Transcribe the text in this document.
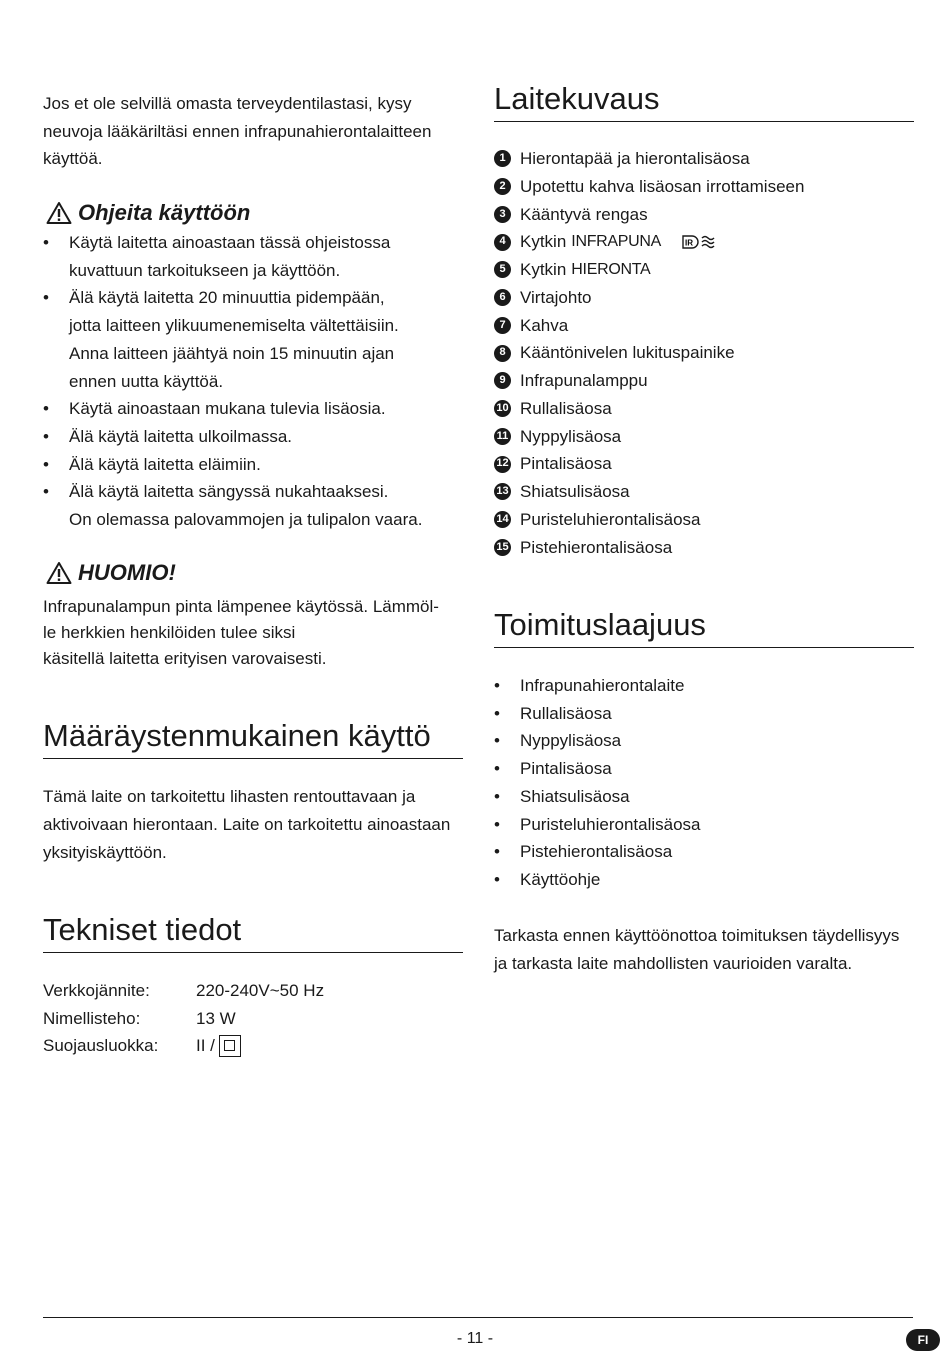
Jos et ole selvillä omasta terveydentilastasi, kysy neuvoja lääkäriltäsi ennen infrapunahierontalaitteen käyttöä.

Ohjeita käyttöön
• Käytä laitetta ainoastaan tässä ohjeistossa
kuvattuun tarkoitukseen ja käyttöön.
• Älä käytä laitetta 20 minuuttia pidempään,
jotta laitteen ylikuumenemiselta vältettäisiin.
Anna laitteen jäähtyä noin 15 minuutin ajan
ennen uutta käyttöä.
• Käytä ainoastaan mukana tulevia lisäosia.
• Älä käytä laitetta ulkoilmassa.
• Älä käytä laitetta eläimiin.
• Älä käytä laitetta sängyssä nukahtaaksesi.
On olemassa palovammojen ja tulipalon vaara.
HUOMIO!
Infrapunalampun pinta lämpenee käytössä. Lämmöl-
le herkkien henkilöiden tulee siksi
käsitellä laitetta erityisen varovaisesti.
Määräystenmukainen käyttö
Tämä laite on tarkoitettu lihasten rentouttavaan ja
aktivoivaan hierontaan. Laite on tarkoitettu ainoastaan
yksityiskäyttöön.
Tekniset tiedot
Verkkojännite:	220-240V~50 Hz
Nimellisteho:	13 W
Suojausluokka:	II /
Laitekuvaus
1 Hierontapää ja hierontalisäosa
2 Upotettu kahva lisäosan irrottamiseen
3 Kääntyvä rengas
4 Kytkin INFRAPUNA	IR
5 Kytkin HIERONTA
6 Virtajohto
7 Kahva
8 Kääntönivelen lukituspainike
9 Infrapunalamppu
10 Rullalisäosa
11 Nyppylisäosa
12 Pintalisäosa
13 Shiatsulisäosa
14 Puristeluhierontalisäosa
15 Pistehierontalisäosa
Toimituslaajuus
• Infrapunahierontalaite
• Rullalisäosa
• Nyppylisäosa
• Pintalisäosa
• Shiatsulisäosa
• Puristeluhierontalisäosa
• Pistehierontalisäosa
• Käyttöohje
Tarkasta ennen käyttöönottoa toimituksen täydellisyys
ja tarkasta laite mahdollisten vaurioiden varalta.
- 11 -	FI
